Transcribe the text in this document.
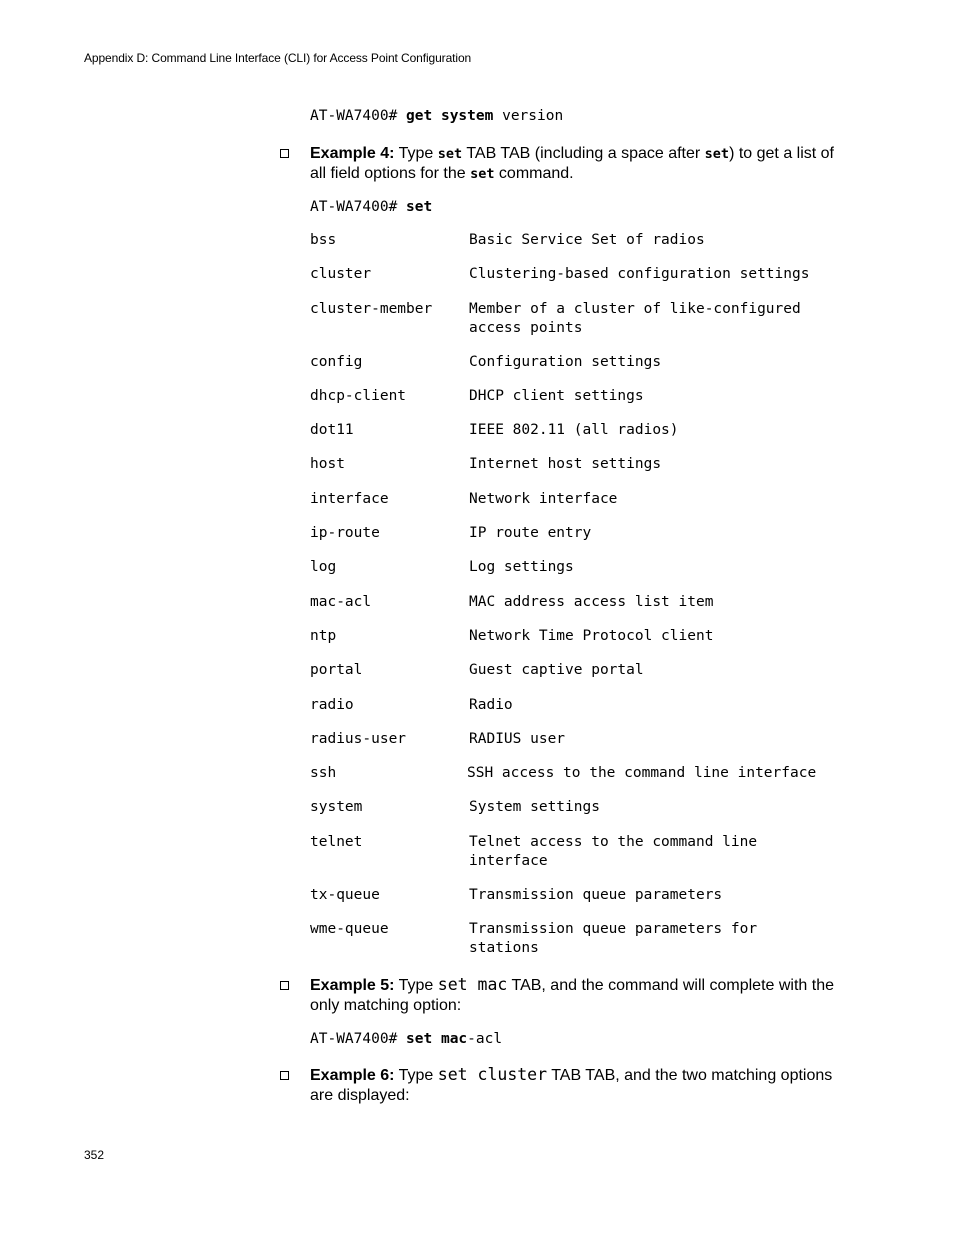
Appendix D: Command Line Interface (CLI) for Access Point Configuration
AT-WA7400# get system version
Example 4: Type set TAB TAB (including a space after set) to get a list of all field options for the set command.
AT-WA7400# set
bss	Basic Service Set of radios
cluster	Clustering-based configuration settings
cluster-member	Member of a cluster of like-configured
access points
config	Configuration settings
dhcp-client	DHCP client settings
dot11	IEEE 802.11 (all radios)
host	Internet host settings
interface	Network interface
ip-route	IP route entry
log	Log settings
mac-acl	MAC address access list item
ntp	Network Time Protocol client
portal	Guest captive portal
radio	Radio
radius-user	RADIUS user
ssh	SSH access to the command line interface
system	System settings
telnet	Telnet access to the command line
interface
tx-queue	Transmission queue parameters
wme-queue	Transmission queue parameters for
stations
Example 5: Type set mac TAB, and the command will complete with the only matching option:
AT-WA7400# set mac-acl
Example 6: Type set cluster TAB TAB, and the two matching options are displayed:
352
